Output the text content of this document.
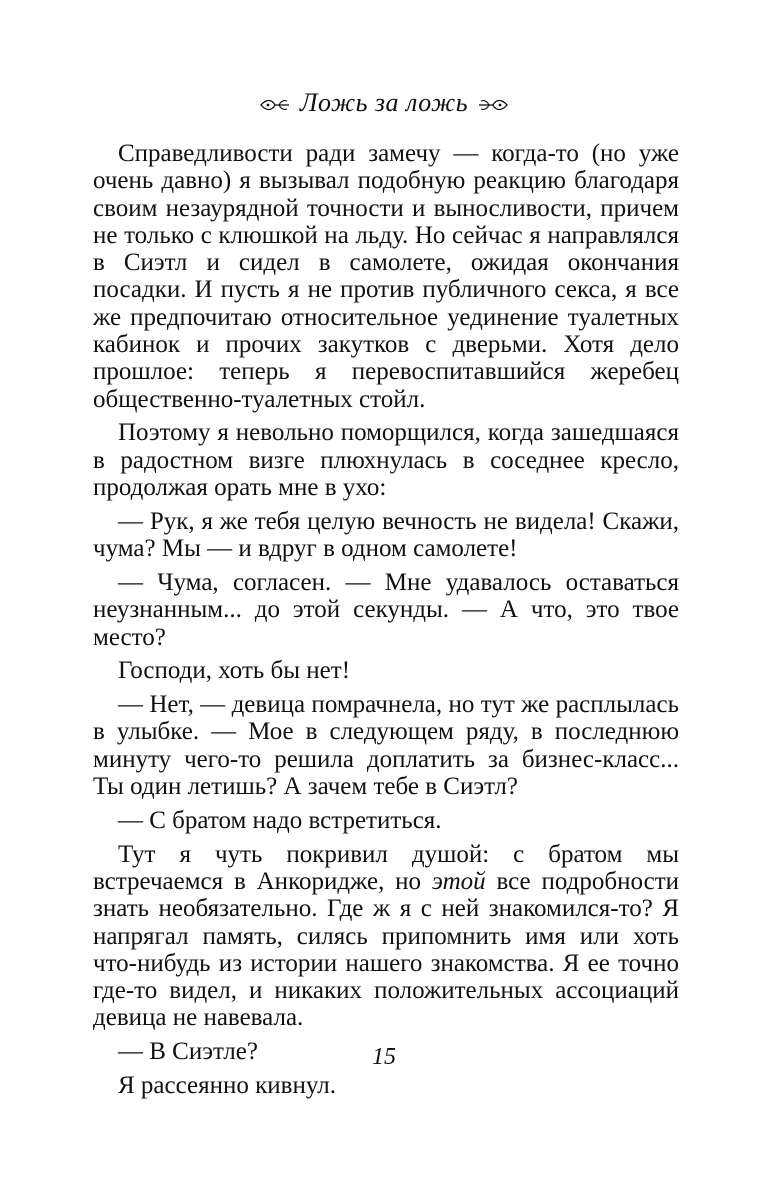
Ложь за ложь

Справедливости ради замечу — когда-то (но уже очень давно) я вызывал подобную реакцию благодаря своим незаурядной точности и выносливости, причем не только с клюшкой на льду. Но сейчас я направлялся в Сиэтл и сидел в самолете, ожидая окончания посадки. И пусть я не против публичного секса, я все же предпочитаю относительное уединение туалетных кабинок и прочих закутков с дверьми. Хотя дело прошлое: теперь я перевоспитавшийся жеребец общественно-туалетных стойл.

Поэтому я невольно поморщился, когда зашедшаяся в радостном визге плюхнулась в соседнее кресло, продолжая орать мне в ухо:

— Рук, я же тебя целую вечность не видела! Скажи, чума? Мы — и вдруг в одном самолете!

— Чума, согласен. — Мне удавалось оставаться неузнанным... до этой секунды. — А что, это твое место?

Господи, хоть бы нет!

— Нет, — девица помрачнела, но тут же расплылась в улыбке. — Мое в следующем ряду, в последнюю минуту чего-то решила доплатить за бизнес-класс... Ты один летишь? А зачем тебе в Сиэтл?

— С братом надо встретиться.

Тут я чуть покривил душой: с братом мы встречаемся в Анкоридже, но этой все подробности знать необязательно. Где ж я с ней знакомился-то? Я напрягал память, силясь припомнить имя или хоть что-нибудь из истории нашего знакомства. Я ее точно где-то видел, и никаких положительных ассоциаций девица не навевала.

— В Сиэтле?

Я рассеянно кивнул.

15
